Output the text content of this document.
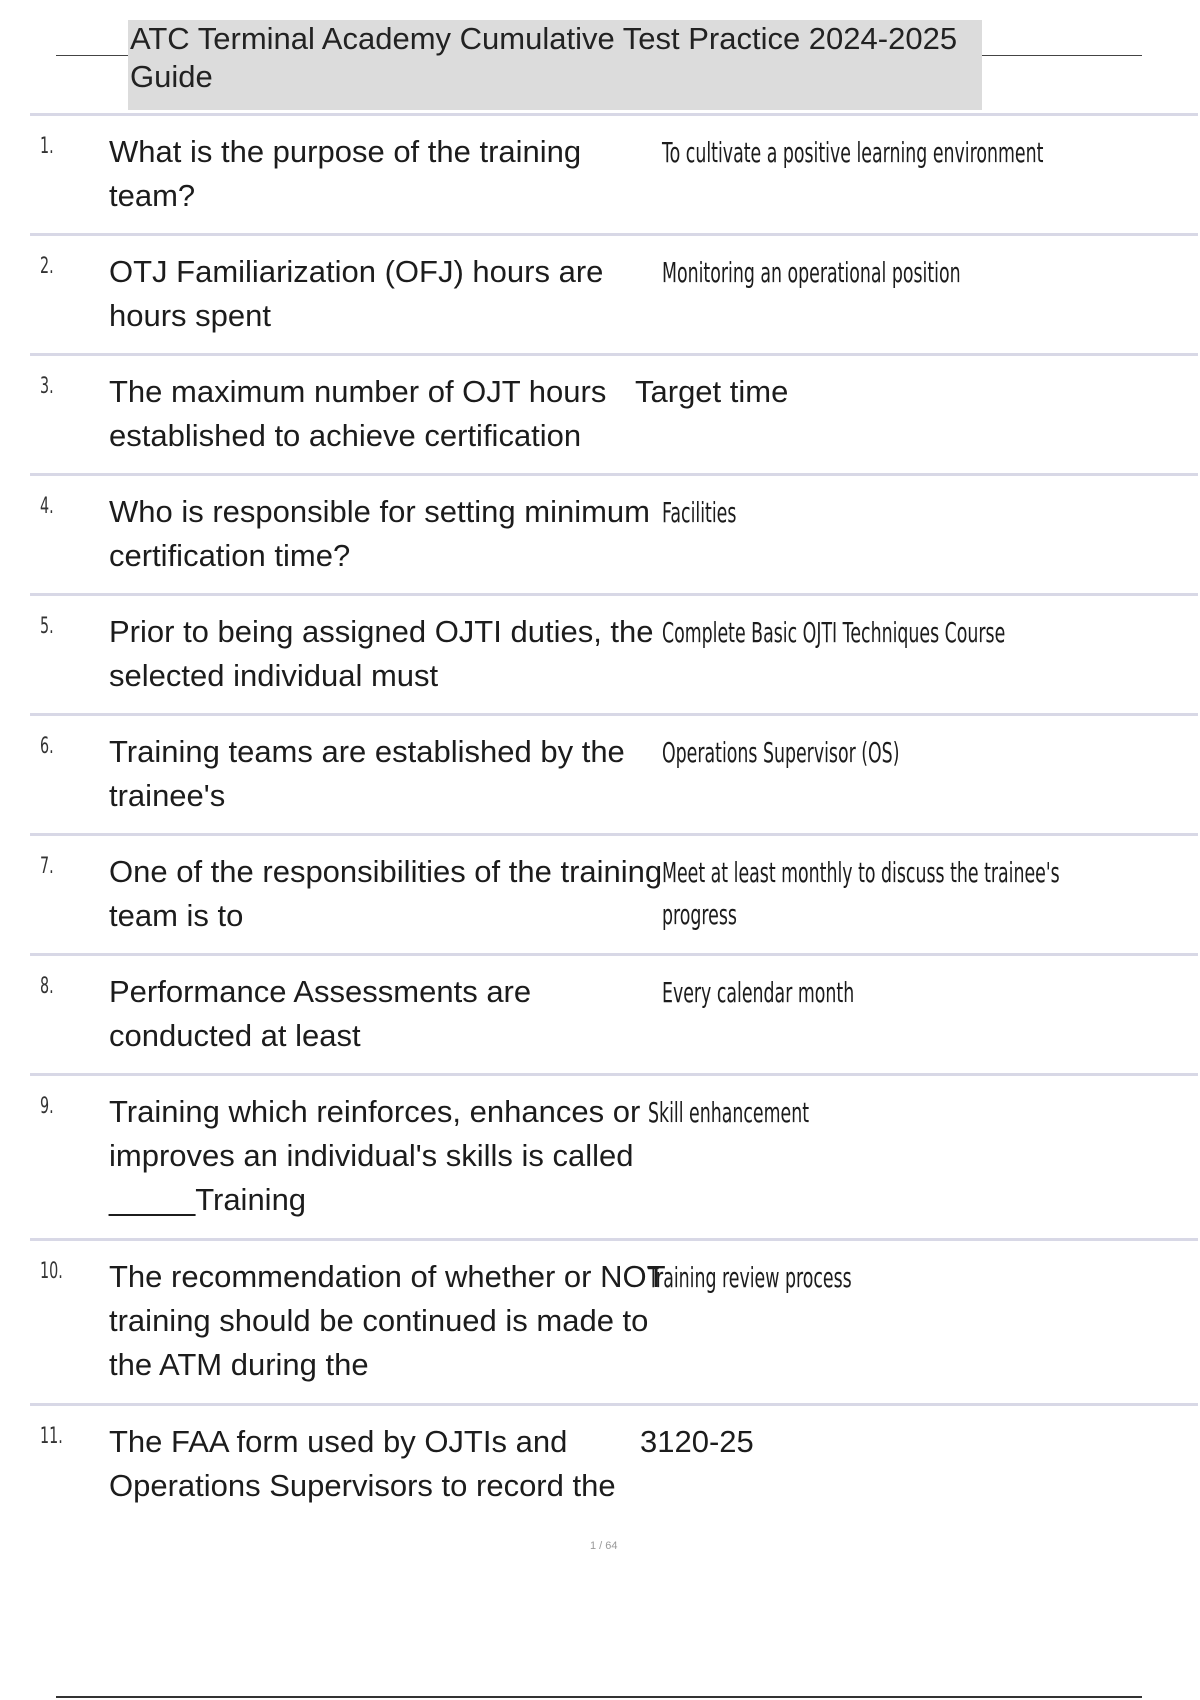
ATC Terminal Academy Cumulative Test Practice 2024-2025 Guide
1.	What is the purpose of the training team?
To cultivate a positive learning environment
2.	OTJ Familiarization (OFJ) hours are hours spent
Monitoring an operational position
3.	The maximum number of OJT hours established to achieve certification
Target time
4.	Who is responsible for setting minimum certification time?
Facilities
5.	Prior to being assigned OJTI duties, the selected individual must
Complete Basic OJTI Techniques Course
6.	Training teams are established by the trainee's
Operations Supervisor (OS)
7.	One of the responsibilities of the training team is to
Meet at least monthly to discuss the trainee's progress
8.	Performance Assessments are conducted at least
Every calendar month
9.	Training which reinforces, enhances or improves an individual's skills is called _____Training
Skill enhancement
10.	The recommendation of whether or NOT training should be continued is made to the ATM during the
Training review process
11.	The FAA form used by OJTIs and Operations Supervisors to record the
3120-25
1 / 64
